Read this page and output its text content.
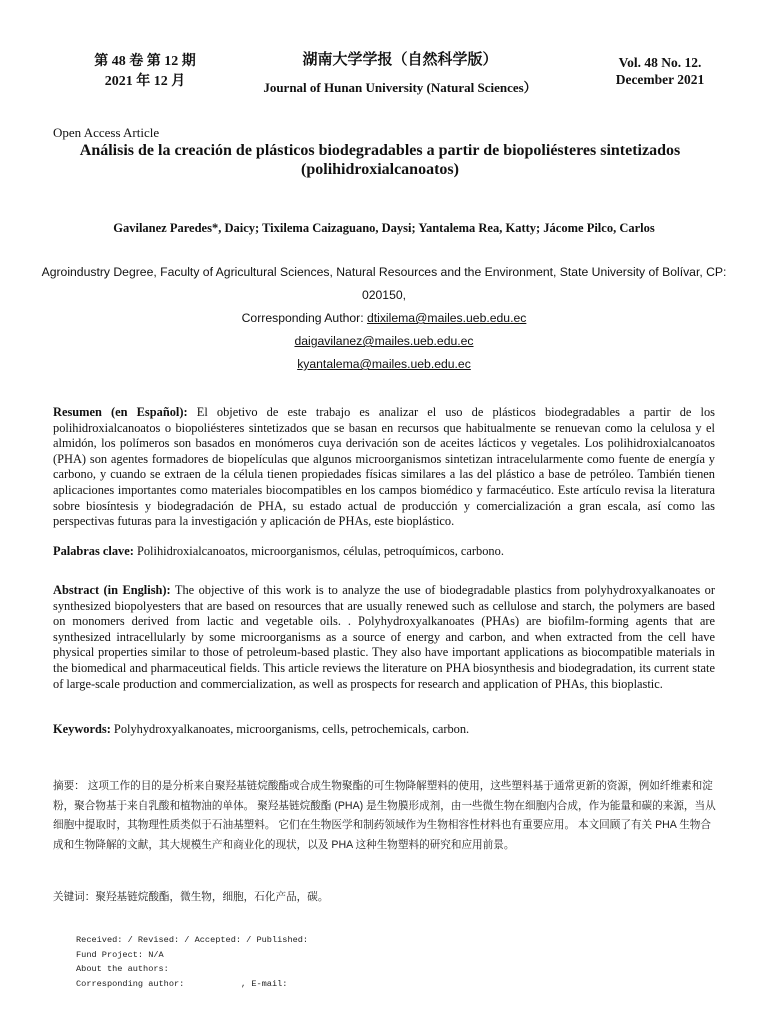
第 48 卷 第 12 期
2021 年 12 月
湖南大学学报（自然科学版）
Journal of Hunan University (Natural Sciences）
Vol. 48 No. 12.
December 2021
Open Access Article
Análisis de la creación de plásticos biodegradables a partir de biopoliésteres sintetizados (polihidroxialcanoatos)
Gavilanez Paredes*, Daicy; Tixilema Caizaguano, Daysi; Yantalema Rea, Katty; Jácome Pilco, Carlos
Agroindustry Degree, Faculty of Agricultural Sciences, Natural Resources and the Environment, State University of Bolívar, CP: 020150,
Corresponding Author: dtixilema@mailes.ueb.edu.ec
daigavilanez@mailes.ueb.edu.ec
kyantalema@mailes.ueb.edu.ec
Resumen (en Español): El objetivo de este trabajo es analizar el uso de plásticos biodegradables a partir de los polihidroxialcanoatos o biopoliésteres sintetizados que se basan en recursos que habitualmente se renuevan como la celulosa y el almidón, los polímeros son basados en monómeros cuya derivación son de aceites lácticos y vegetales. Los polihidroxialcanoatos (PHA) son agentes formadores de biopelículas que algunos microorganismos sintetizan intracelularmente como fuente de energía y carbono, y cuando se extraen de la célula tienen propiedades físicas similares a las del plástico a base de petróleo. También tienen aplicaciones importantes como materiales biocompatibles en los campos biomédico y farmacéutico. Este artículo revisa la literatura sobre biosíntesis y biodegradación de PHA, su estado actual de producción y comercialización a gran escala, así como las perspectivas futuras para la investigación y aplicación de PHAs, este bioplástico.
Palabras clave: Polihidroxialcanoatos, microorganismos, células, petroquímicos, carbono.
Abstract (in English): The objective of this work is to analyze the use of biodegradable plastics from polyhydroxyalkanoates or synthesized biopolyesters that are based on resources that are usually renewed such as cellulose and starch, the polymers are based on monomers derived from lactic and vegetable oils. . Polyhydroxyalkanoates (PHAs) are biofilm-forming agents that are synthesized intracellularly by some microorganisms as a source of energy and carbon, and when extracted from the cell have physical properties similar to those of petroleum-based plastic. They also have important applications as biocompatible materials in the biomedical and pharmaceutical fields. This article reviews the literature on PHA biosynthesis and biodegradation, its current state of large-scale production and commercialization, as well as prospects for research and application of PHAs, this bioplastic.
Keywords: Polyhydroxyalkanoates, microorganisms, cells, petrochemicals, carbon.
摘要： 这项工作的目的是分析来自聚羟基链烷酸酯或合成生物聚酯的可生物降解塑料的使用，这些塑料基于通常更新的资源，例如纤维素和淀粉，聚合物基于来自乳酸和植物油的单体。 聚羟基链烷酸酯 (PHA) 是生物膜形成剂，由一些微生物在细胞内合成，作为能量和碳的来源，当从细胞中提取时，其物理性质类似于石油基塑料。 它们在生物医学和制药领域作为生物相容性材料也有重要应用。 本文回顾了有关 PHA 生物合成和生物降解的文献，其大规模生产和商业化的现状，以及 PHA 这种生物塑料的研究和应用前景。
关键词：聚羟基链烷酸酯，微生物，细胞，石化产品，碳。
Received: / Revised: / Accepted: / Published:
Fund Project: N/A
About the authors:
Corresponding author:           , E-mail:
